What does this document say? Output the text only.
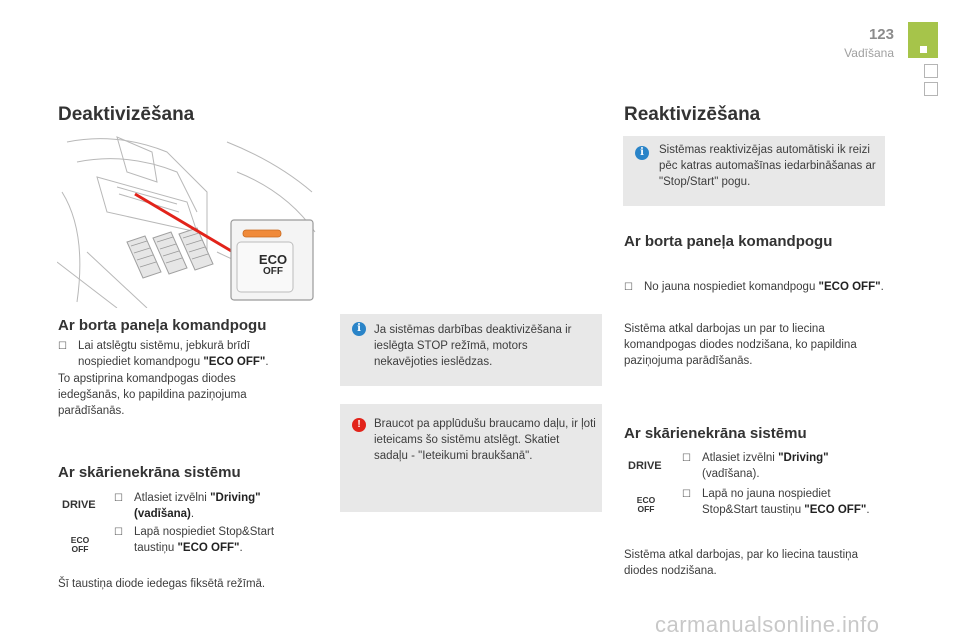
123
Vadīšana
Deaktivizēšana
ECO
OFF
Ar borta paneļa komandpogu
☐ Lai atslēgtu sistēmu, jebkurā brīdī nospiediet komandpogu "ECO OFF".
To apstiprina komandpogas diodes iedegšanās, ko papildina paziņojuma parādīšanās.
Ar skārienekrāna sistēmu
DRIVE
☐ Atlasiet izvēlni "Driving" (vadīšana).
ECO
OFF
☐ Lapā nospiediet Stop&Start taustiņu "ECO OFF".
Šī taustiņa diode iedegas fiksētā režīmā.
i	Ja sistēmas darbības deaktivizēšana ir ieslēgta STOP režīmā, motors nekavējoties ieslēdzas.
!	Braucot pa applūdušu braucamo daļu, ir ļoti ieteicams šo sistēmu atslēgt. Skatiet sadaļu - "Ieteikumi braukšanā".
Reaktivizēšana
i	Sistēmas reaktivizējas automātiski ik reizi pēc katras automašīnas iedarbināšanas ar "Stop/Start" pogu.
Ar borta paneļa komandpogu
☐ No jauna nospiediet komandpogu "ECO OFF".
Sistēma atkal darbojas un par to liecina komandpogas diodes nodzišana, ko papildina paziņojuma parādīšanās.
Ar skārienekrāna sistēmu
DRIVE
☐ Atlasiet izvēlni "Driving" (vadīšana).
ECO
OFF
☐ Lapā no jauna nospiediet Stop&Start taustiņu "ECO OFF".
Sistēma atkal darbojas, par ko liecina taustiņa diodes nodzišana.
carmanualsonline.info
